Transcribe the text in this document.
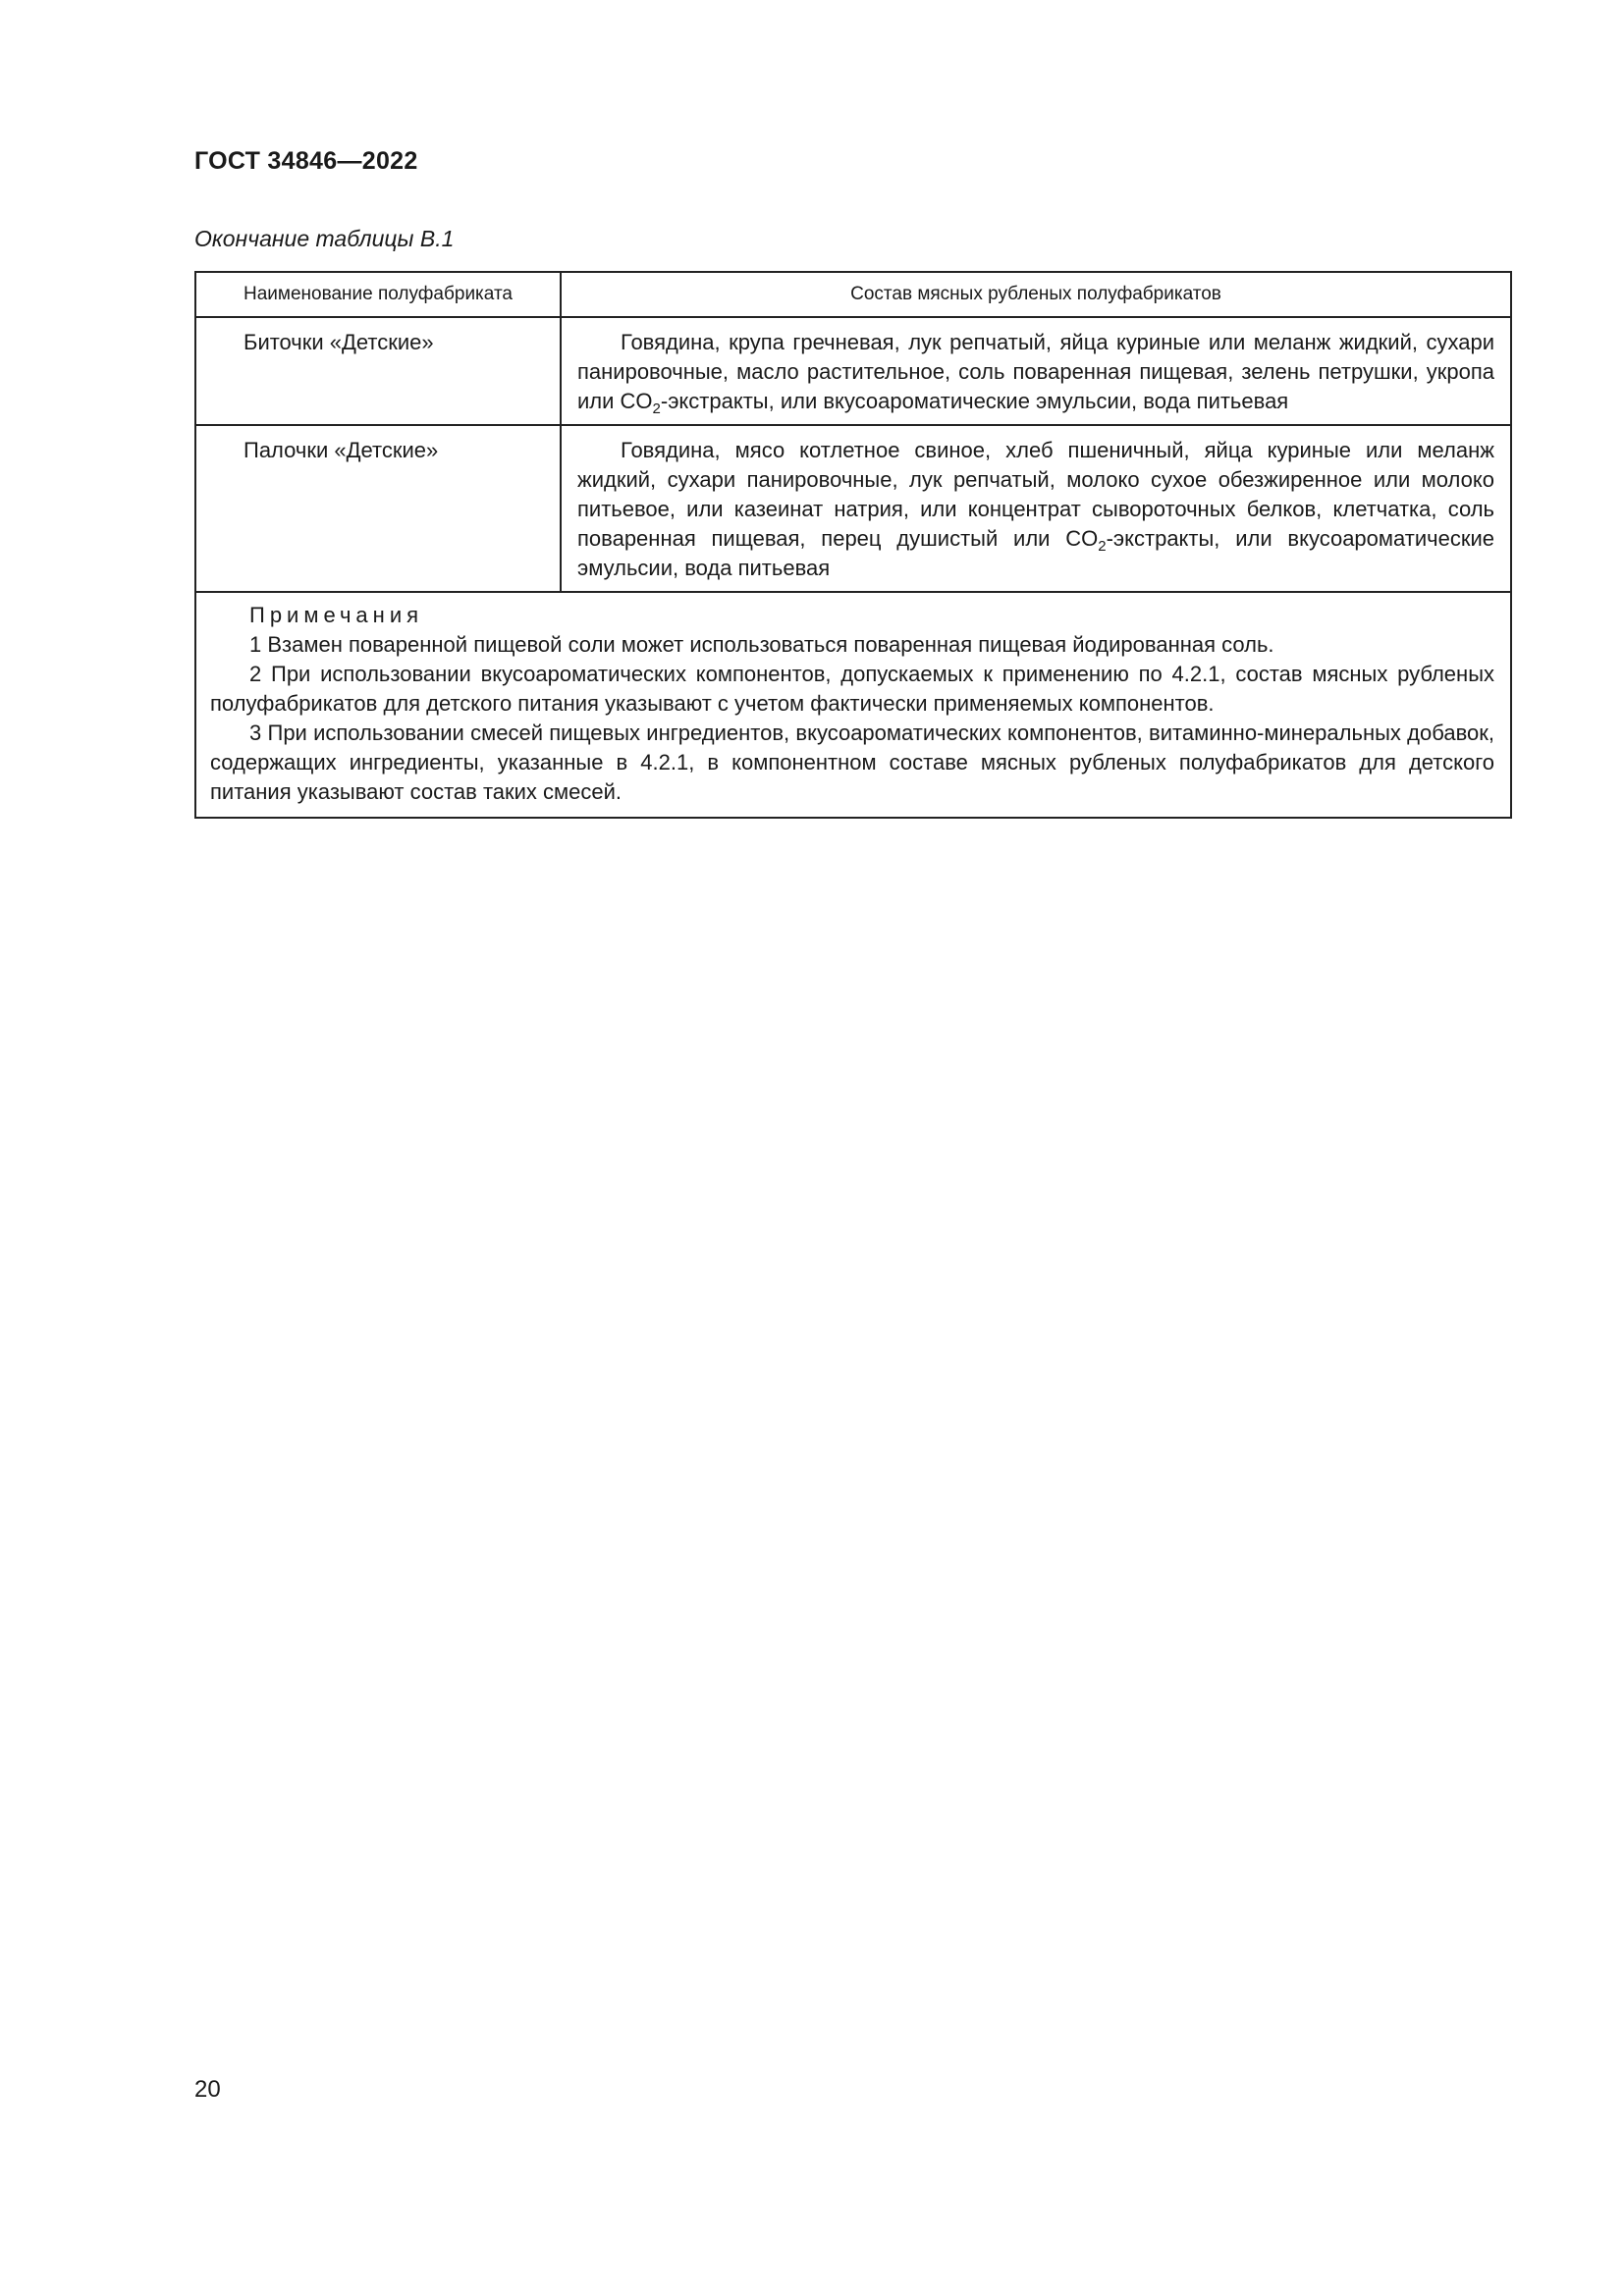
ГОСТ 34846—2022
Окончание таблицы В.1
Наименование полуфабриката	Состав мясных рубленых полуфабрикатов
Биточки «Детские»	Говядина, крупа гречневая, лук репчатый, яйца куриные или меланж жидкий, сухари панировочные, масло растительное, соль поваренная пищевая, зелень петрушки, укропа или $CO_2$-экстракты, или вкусоароматические эмульсии, вода питьевая

Палочки «Детские»	Говядина, мясо котлетное свиное, хлеб пшеничный, яйца куриные или меланж жидкий, сухари панировочные, лук репчатый, молоко сухое обезжиренное или молоко питьевое, или казеинат натрия, или концентрат сывороточных белков, клетчатка, соль поваренная пищевая, перец душистый или $CO_2$-экстракты, или вкусоароматические эмульсии, вода питьевая
Примечания
1 Взамен поваренной пищевой соли может использоваться поваренная пищевая йодированная соль.
2 При использовании вкусоароматических компонентов, допускаемых к применению по 4.2.1, состав мясных рубленых полуфабрикатов для детского питания указывают с учетом фактически применяемых компонентов.
3 При использовании смесей пищевых ингредиентов, вкусоароматических компонентов, витаминно-минеральных добавок, содержащих ингредиенты, указанные в 4.2.1, в компонентном составе мясных рубленых полуфабрикатов для детского питания указывают состав таких смесей.
20
